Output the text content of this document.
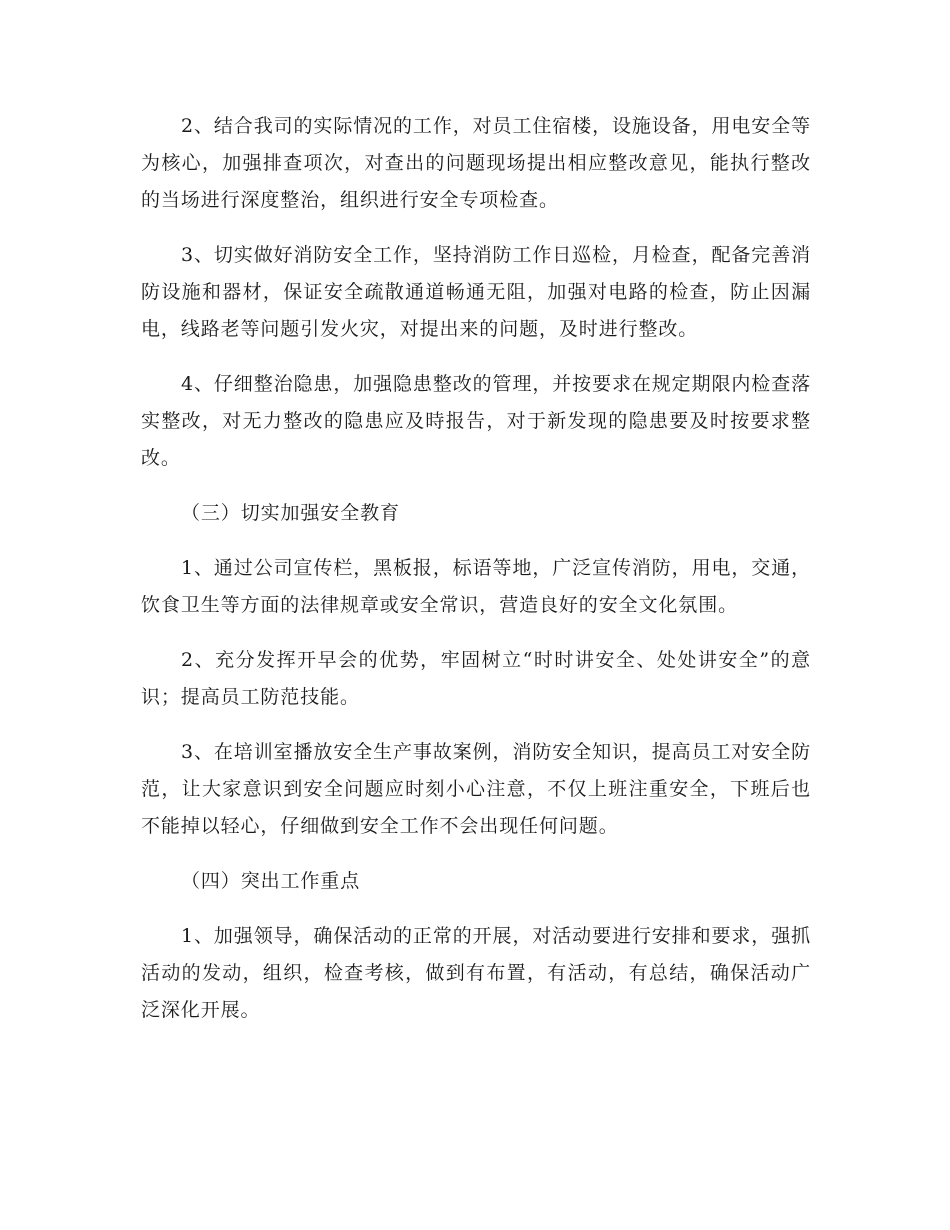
2、结合我司的实际情况的工作，对员工住宿楼，设施设备，用电安全等为核心，加强排查项次，对查出的问题现场提出相应整改意见，能执行整改的当场进行深度整治，组织进行安全专项检查。

3、切实做好消防安全工作，坚持消防工作日巡检，月检查，配备完善消防设施和器材，保证安全疏散通道畅通无阻，加强对电路的检查，防止因漏电，线路老等问题引发火灾，对提出来的问题，及时进行整改。

4、仔细整治隐患，加强隐患整改的管理，并按要求在规定期限内检查落实整改，对无力整改的隐患应及時报告，对于新发现的隐患要及时按要求整改。

（三）切实加强安全教育

1、通过公司宣传栏，黑板报，标语等地，广泛宣传消防，用电，交通，饮食卫生等方面的法律规章或安全常识，营造良好的安全文化氛围。

2、充分发挥开早会的优势，牢固树立“时时讲安全、处处讲安全”的意识；提高员工防范技能。

3、在培训室播放安全生产事故案例，消防安全知识，提高员工对安全防范，让大家意识到安全问题应时刻小心注意，不仅上班注重安全，下班后也不能掉以轻心，仔细做到安全工作不会出现任何问题。

（四）突出工作重点

1、加强领导，确保活动的正常的开展，对活动要进行安排和要求，强抓活动的发动，组织，检查考核，做到有布置，有活动，有总结，确保活动广泛深化开展。
